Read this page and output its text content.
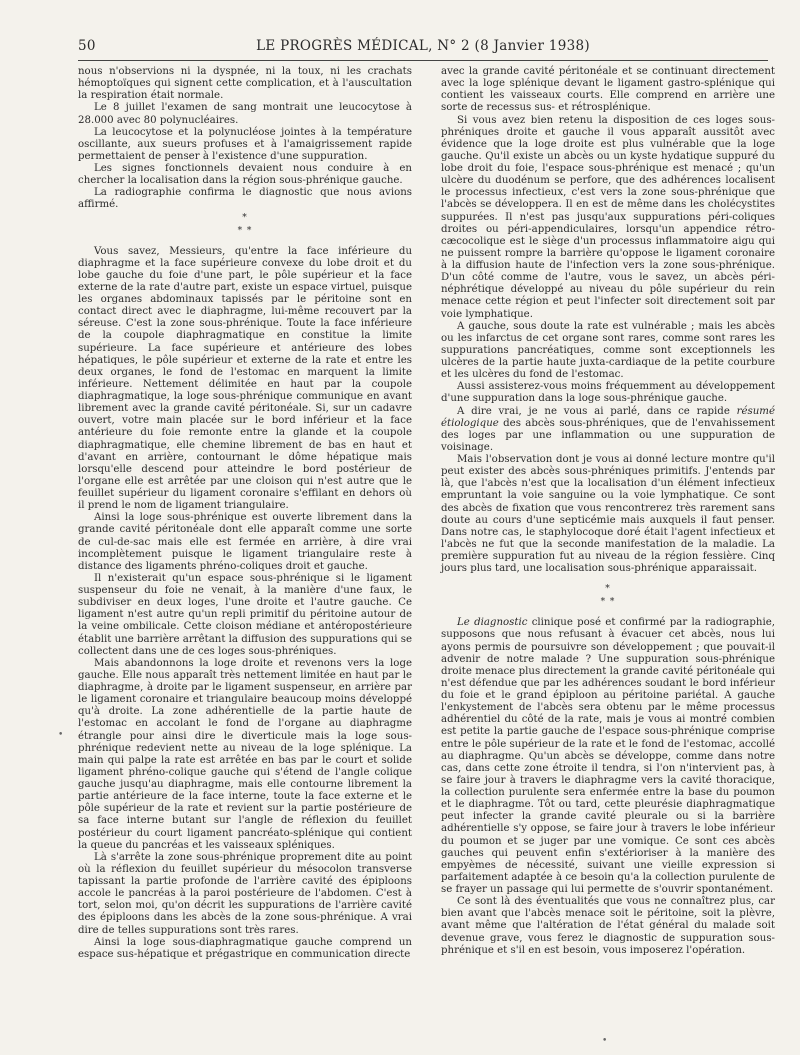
50	LE PROGRÈS MÉDICAL, N° 2 (8 Janvier 1938)

nous n'observions ni la dyspnée, ni la toux, ni les crachats hémoptoïques qui signent cette complication, et à l'auscultation la respiration était normale.

Le 8 juillet l'examen de sang montrait une leucocytose à 28.000 avec 80 polynucléaires.

La leucocytose et la polynucléose jointes à la température oscillante, aux sueurs profuses et à l'amaigrissement rapide permettaient de penser à l'existence d'une suppuration.

Les signes fonctionnels devaient nous conduire à en chercher la localisation dans la région sous-phrénique gauche.

La radiographie confirma le diagnostic que nous avions affirmé.

*
* *

Vous savez, Messieurs, qu'entre la face inférieure du diaphragme et la face supérieure convexe du lobe droit et du lobe gauche du foie d'une part, le pôle supérieur et la face externe de la rate d'autre part, existe un espace virtuel, puisque les organes abdominaux tapissés par le péritoine sont en contact direct avec le diaphragme, lui-même recouvert par la séreuse. C'est la zone sous-phrénique. Toute la face inférieure de la coupole diaphragmatique en constitue la limite supérieure. La face supérieure et antérieure des lobes hépatiques, le pôle supérieur et externe de la rate et entre les deux organes, le fond de l'estomac en marquent la limite inférieure. Nettement délimitée en haut par la coupole diaphragmatique, la loge sous-phrénique communique en avant librement avec la grande cavité péritonéale. Si, sur un cadavre ouvert, votre main placée sur le bord inférieur et la face antérieure du foie remonte entre la glande et la coupole diaphragmatique, elle chemine librement de bas en haut et d'avant en arrière, contournant le dôme hépatique mais lorsqu'elle descend pour atteindre le bord postérieur de l'organe elle est arrêtée par une cloison qui n'est autre que le feuillet supérieur du ligament coronaire s'effilant en dehors où il prend le nom de ligament triangulaire.

Ainsi la loge sous-phrénique est ouverte librement dans la grande cavité péritonéale dont elle apparaît comme une sorte de cul-de-sac mais elle est fermée en arrière, à dire vrai incomplètement puisque le ligament triangulaire reste à distance des ligaments phréno-coliques droit et gauche.

Il n'existerait qu'un espace sous-phrénique si le ligament suspenseur du foie ne venait, à la manière d'une faux, le subdiviser en deux loges, l'une droite et l'autre gauche. Ce ligament n'est autre qu'un repli primitif du péritoine autour de la veine ombilicale. Cette cloison médiane et antéropostérieure établit une barrière arrêtant la diffusion des suppurations qui se collectent dans une de ces loges sous-phréniques.

Mais abandonnons la loge droite et revenons vers la loge gauche. Elle nous apparaît très nettement limitée en haut par le diaphragme, à droite par le ligament suspenseur, en arrière par le ligament coronaire et triangulaire beaucoup moins développé qu'à droite. La zone adhérentielle de la partie haute de l'estomac en accolant le fond de l'organe au diaphragme étrangle pour ainsi dire le diverticule mais la loge sous-phrénique redevient nette au niveau de la loge splénique. La main qui palpe la rate est arrêtée en bas par le court et solide ligament phréno-colique gauche qui s'étend de l'angle colique gauche jusqu'au diaphragme, mais elle contourne librement la partie antérieure de la face interne, toute la face externe et le pôle supérieur de la rate et revient sur la partie postérieure de sa face interne butant sur l'angle de réflexion du feuillet postérieur du court ligament pancréato-splénique qui contient la queue du pancréas et les vaisseaux spléniques.

Là s'arrête la zone sous-phrénique proprement dite au point où la réflexion du feuillet supérieur du mésocolon transverse tapissant la partie profonde de l'arrière cavité des épiploons accole le pancréas à la paroi postérieure de l'abdomen. C'est à tort, selon moi, qu'on décrit les suppurations de l'arrière cavité des épiploons dans les abcès de la zone sous-phrénique. A vrai dire de telles suppurations sont très rares.

Ainsi la loge sous-diaphragmatique gauche comprend un espace sus-hépatique et prégastrique en communication directe

avec la grande cavité péritonéale et se continuant directement avec la loge splénique devant le ligament gastro-splénique qui contient les vaisseaux courts. Elle comprend en arrière une sorte de recessus sus- et rétrosplénique.

Si vous avez bien retenu la disposition de ces loges sous-phréniques droite et gauche il vous apparaît aussitôt avec évidence que la loge droite est plus vulnérable que la loge gauche. Qu'il existe un abcès ou un kyste hydatique suppuré du lobe droit du foie, l'espace sous-phrénique est menacé ; qu'un ulcère du duodénum se perfore, que des adhérences localisent le processus infectieux, c'est vers la zone sous-phrénique que l'abcès se développera. Il en est de même dans les cholécystites suppurées. Il n'est pas jusqu'aux suppurations péri-coliques droites ou péri-appendiculaires, lorsqu'un appendice rétro-cæcocolique est le siège d'un processus inflammatoire aigu qui ne puissent rompre la barrière qu'oppose le ligament coronaire à la diffusion haute de l'infection vers la zone sous-phrénique. D'un côté comme de l'autre, vous le savez, un abcès péri-néphrétique développé au niveau du pôle supérieur du rein menace cette région et peut l'infecter soit directement soit par voie lymphatique.

A gauche, sous doute la rate est vulnérable ; mais les abcès ou les infarctus de cet organe sont rares, comme sont rares les suppurations pancréatiques, comme sont exceptionnels les ulcères de la partie haute juxta-cardiaque de la petite courbure et les ulcères du fond de l'estomac.

Aussi assisterez-vous moins fréquemment au développement d'une suppuration dans la loge sous-phrénique gauche.

A dire vrai, je ne vous ai parlé, dans ce rapide résumé étiologique des abcès sous-phréniques, que de l'envahissement des loges par une inflammation ou une suppuration de voisinage.

Mais l'observation dont je vous ai donné lecture montre qu'il peut exister des abcès sous-phréniques primitifs. J'entends par là, que l'abcès n'est que la localisation d'un élément infectieux empruntant la voie sanguine ou la voie lymphatique. Ce sont des abcès de fixation que vous rencontrerez très rarement sans doute au cours d'une septicémie mais auxquels il faut penser. Dans notre cas, le staphylocoque doré était l'agent infectieux et l'abcès ne fut que la seconde manifestation de la maladie. La première suppuration fut au niveau de la région fessière. Cinq jours plus tard, une localisation sous-phrénique apparaissait.

*
* *

Le diagnostic clinique posé et confirmé par la radiographie, supposons que nous refusant à évacuer cet abcès, nous lui ayons permis de poursuivre son développement ; que pouvait-il advenir de notre malade ? Une suppuration sous-phrénique droite menace plus directement la grande cavité péritonéale qui n'est défendue que par les adhérences soudant le bord inférieur du foie et le grand épiploon au péritoine pariétal. A gauche l'enkystement de l'abcès sera obtenu par le même processus adhérentiel du côté de la rate, mais je vous ai montré combien est petite la partie gauche de l'espace sous-phrénique comprise entre le pôle supérieur de la rate et le fond de l'estomac, accollé au diaphragme. Qu'un abcès se développe, comme dans notre cas, dans cette zone étroite il tendra, si l'on n'intervient pas, à se faire jour à travers le diaphragme vers la cavité thoracique, la collection purulente sera enfermée entre la base du poumon et le diaphragme. Tôt ou tard, cette pleurésie diaphragmatique peut infecter la grande cavité pleurale ou si la barrière adhérentielle s'y oppose, se faire jour à travers le lobe inférieur du poumon et se juger par une vomique. Ce sont ces abcès gauches qui peuvent enfin s'extérioriser à la manière des empyèmes de nécessité, suivant une vieille expression si parfaitement adaptée à ce besoin qu'a la collection purulente de se frayer un passage qui lui permette de s'ouvrir spontanément.

Ce sont là des éventualités que vous ne connaîtrez plus, car bien avant que l'abcès menace soit le péritoine, soit la plèvre, avant même que l'altération de l'état général du malade soit devenue grave, vous ferez le diagnostic de suppuration sous-phrénique et s'il en est besoin, vous imposerez l'opération.

•
•
